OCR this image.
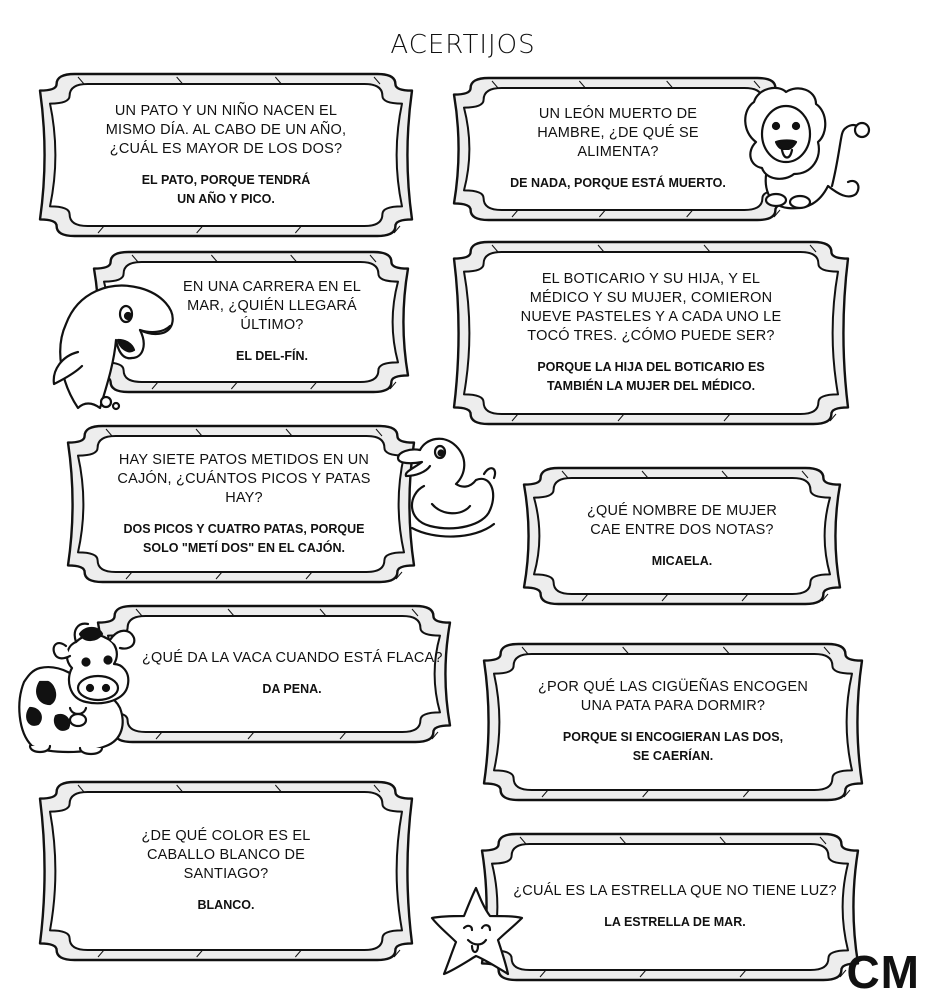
ACERTIJOS
UN PATO Y UN NIÑO NACEN EL MISMO DÍA. AL CABO DE UN AÑO, ¿CUÁL ES MAYOR DE LOS DOS?
EL PATO, PORQUE TENDRÁ UN AÑO Y PICO.
UN LEÓN MUERTO DE HAMBRE, ¿DE QUÉ SE ALIMENTA?
DE NADA, PORQUE ESTÁ MUERTO.
EN UNA CARRERA EN EL MAR, ¿QUIÉN LLEGARÁ ÚLTIMO?
EL DEL-FÍN.
EL BOTICARIO Y SU HIJA, Y EL MÉDICO Y SU MUJER, COMIERON NUEVE PASTELES Y A CADA UNO LE TOCÓ TRES. ¿CÓMO PUEDE SER?
PORQUE LA HIJA DEL BOTICARIO ES TAMBIÉN LA MUJER DEL MÉDICO.
HAY SIETE PATOS METIDOS EN UN CAJÓN, ¿CUÁNTOS PICOS Y PATAS HAY?
DOS PICOS Y CUATRO PATAS, PORQUE SOLO "METÍ DOS" EN EL CAJÓN.
¿QUÉ NOMBRE DE MUJER CAE ENTRE DOS NOTAS?
MICAELA.
¿QUÉ DA LA VACA CUANDO ESTÁ FLACA?
DA PENA.	¿POR QUÉ LAS CIGÜEÑAS ENCOGEN UNA PATA PARA DORMIR?
PORQUE SI ENCOGIERAN LAS DOS, SE CAERÍAN.
¿DE QUÉ COLOR ES EL CABALLO BLANCO DE SANTIAGO?
BLANCO.
¿CUÁL ES LA ESTRELLA QUE NO TIENE LUZ?
LA ESTRELLA DE MAR.
CM
